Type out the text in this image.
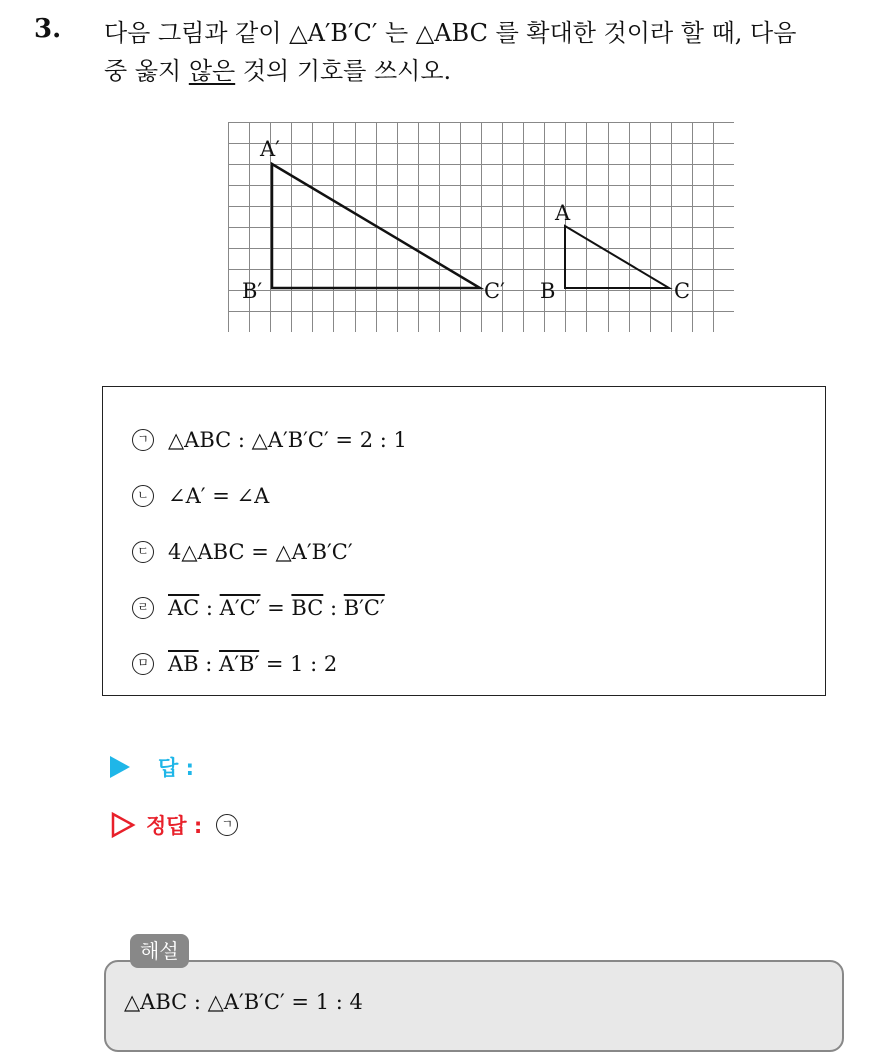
3. 다음 그림과 같이 △A′B′C′ 는 △ABC 를 확대한 것이라 할 때, 다음
중 옳지 않은 것의 기호를 쓰시오.
A′
B′	C′
A
B	C
ㄱ △ABC : △A′B′C′ = 2 : 1
ㄴ ∠A′ = ∠A
ㄷ 4△ABC = △A′B′C′
ㄹ $\overline{AC}$ : $A'C' = \overline{BC}$ : B′C′
ㅁ $\overline{AB}$ : A′B′ = 1 : 2
답 :
정답 :	ㄱ
해설
△ABC : △A′B′C′ = 1 : 4
